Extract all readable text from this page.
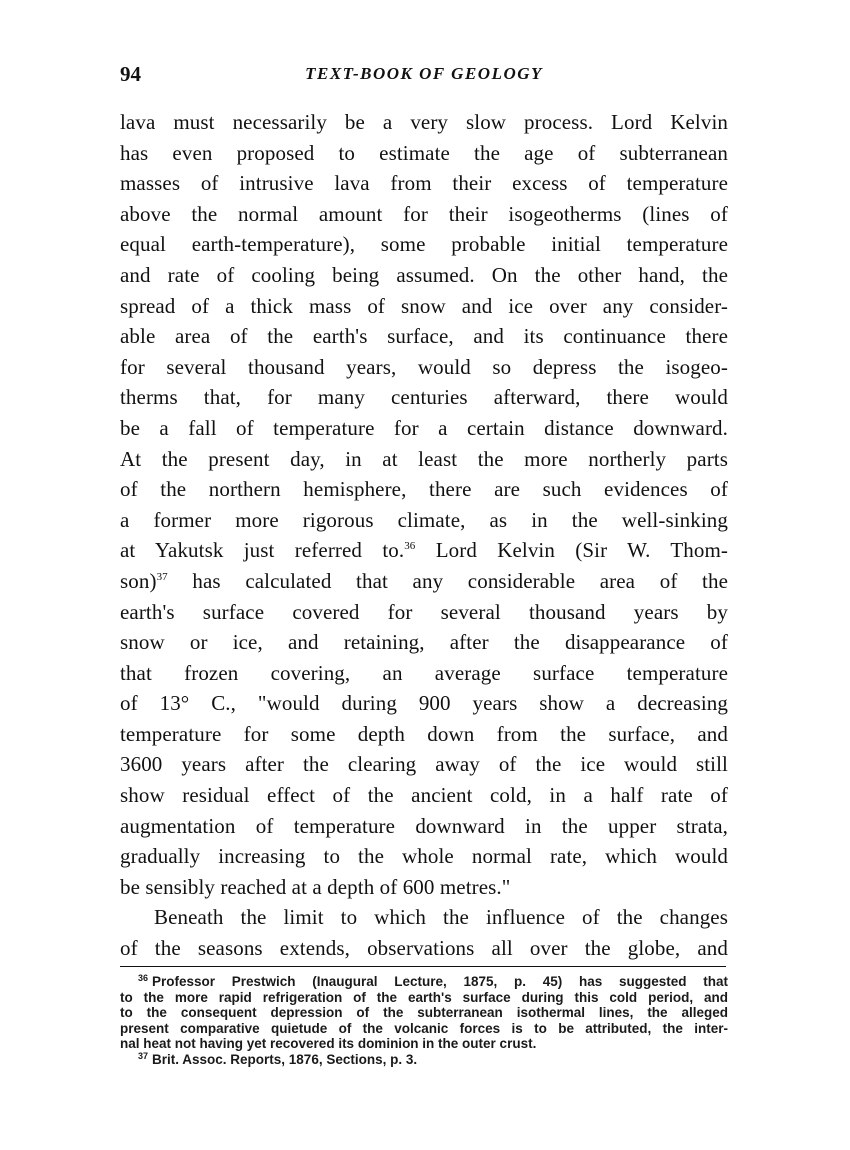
94	TEXT-BOOK OF GEOLOGY
lava must necessarily be a very slow process. Lord Kelvin
has even proposed to estimate the age of subterranean
masses of intrusive lava from their excess of temperature
above the normal amount for their isogeotherms (lines of
equal earth-temperature), some probable initial temperature
and rate of cooling being assumed. On the other hand, the
spread of a thick mass of snow and ice over any consider-
able area of the earth's surface, and its continuance there
for several thousand years, would so depress the isogeo-
therms that, for many centuries afterward, there would
be a fall of temperature for a certain distance downward.
At the present day, in at least the more northerly parts
of the northern hemisphere, there are such evidences of
a former more rigorous climate, as in the well-sinking
at Yakutsk just referred to.$^{36}$ Lord Kelvin (Sir W. Thom-
son)$^{37}$ has calculated that any considerable area of the
earth's surface covered for several thousand years by
snow or ice, and retaining, after the disappearance of
that frozen covering, an average surface temperature
of 13° C., "would during 900 years show a decreasing
temperature for some depth down from the surface, and
3600 years after the clearing away of the ice would still
show residual effect of the ancient cold, in a half rate of
augmentation of temperature downward in the upper strata,
gradually increasing to the whole normal rate, which would
be sensibly reached at a depth of 600 metres."
Beneath the limit to which the influence of the changes
of the seasons extends, observations all over the globe, and
$^{36}$ Professor Prestwich (Inaugural Lecture, 1875, p. 45) has suggested that
to the more rapid refrigeration of the earth's surface during this cold period, and
to the consequent depression of the subterranean isothermal lines, the alleged
present comparative quietude of the volcanic forces is to be attributed, the inter-
nal heat not having yet recovered its dominion in the outer crust.
$^{37}$ Brit. Assoc. Reports, 1876, Sections, p. 3.
